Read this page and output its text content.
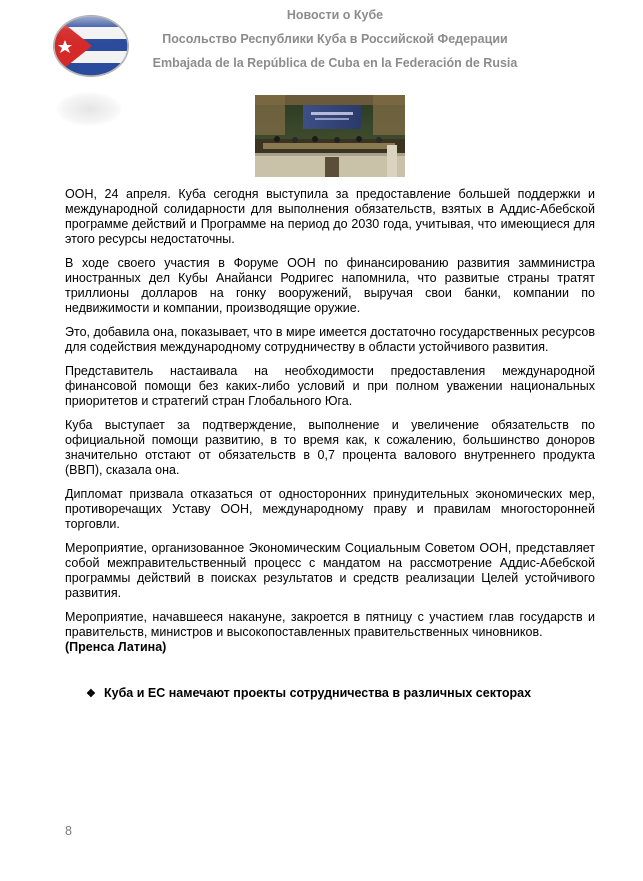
Новости о Кубе
Посольство Республики Куба в Российской Федерации
Embajada de la República de Cuba en la Federación de Rusia

ООН, 24 апреля. Куба сегодня выступила за предоставление большей поддержки и международной солидарности для выполнения обязательств, взятых в Аддис-Абебской программе действий и Программе на период до 2030 года, учитывая, что имеющиеся для этого ресурсы недостаточны.

В ходе своего участия в Форуме ООН по финансированию развития замминистра иностранных дел Кубы Анайанси Родригес напомнила, что развитые страны тратят триллионы долларов на гонку вооружений, выручая свои банки, компании по недвижимости и компании, производящие оружие.

Это, добавила она, показывает, что в мире имеется достаточно государственных ресурсов для содействия международному сотрудничеству в области устойчивого развития.

Представитель настаивала на необходимости предоставления международной финансовой помощи без каких-либо условий и при полном уважении национальных приоритетов и стратегий стран Глобального Юга.

Куба выступает за подтверждение, выполнение и увеличение обязательств по официальной помощи развитию, в то время как, к сожалению, большинство доноров значительно отстают от обязательств в 0,7 процента валового внутреннего продукта (ВВП), сказала она.

Дипломат призвала отказаться от односторонних принудительных экономических мер, противоречащих Уставу ООН, международному праву и правилам многосторонней торговли.

Мероприятие, организованное Экономическим Социальным Советом ООН, представляет собой межправительственный процесс с мандатом на рассмотрение Аддис-Абебской программы действий в поисках результатов и средств реализации Целей устойчивого развития.

Мероприятие, начавшееся накануне, закроется в пятницу с участием глав государств и правительств, министров и высокопоставленных правительственных чиновников.
(Пренса Латина)

❖ Куба и ЕС намечают проекты сотрудничества в различных секторах
8
